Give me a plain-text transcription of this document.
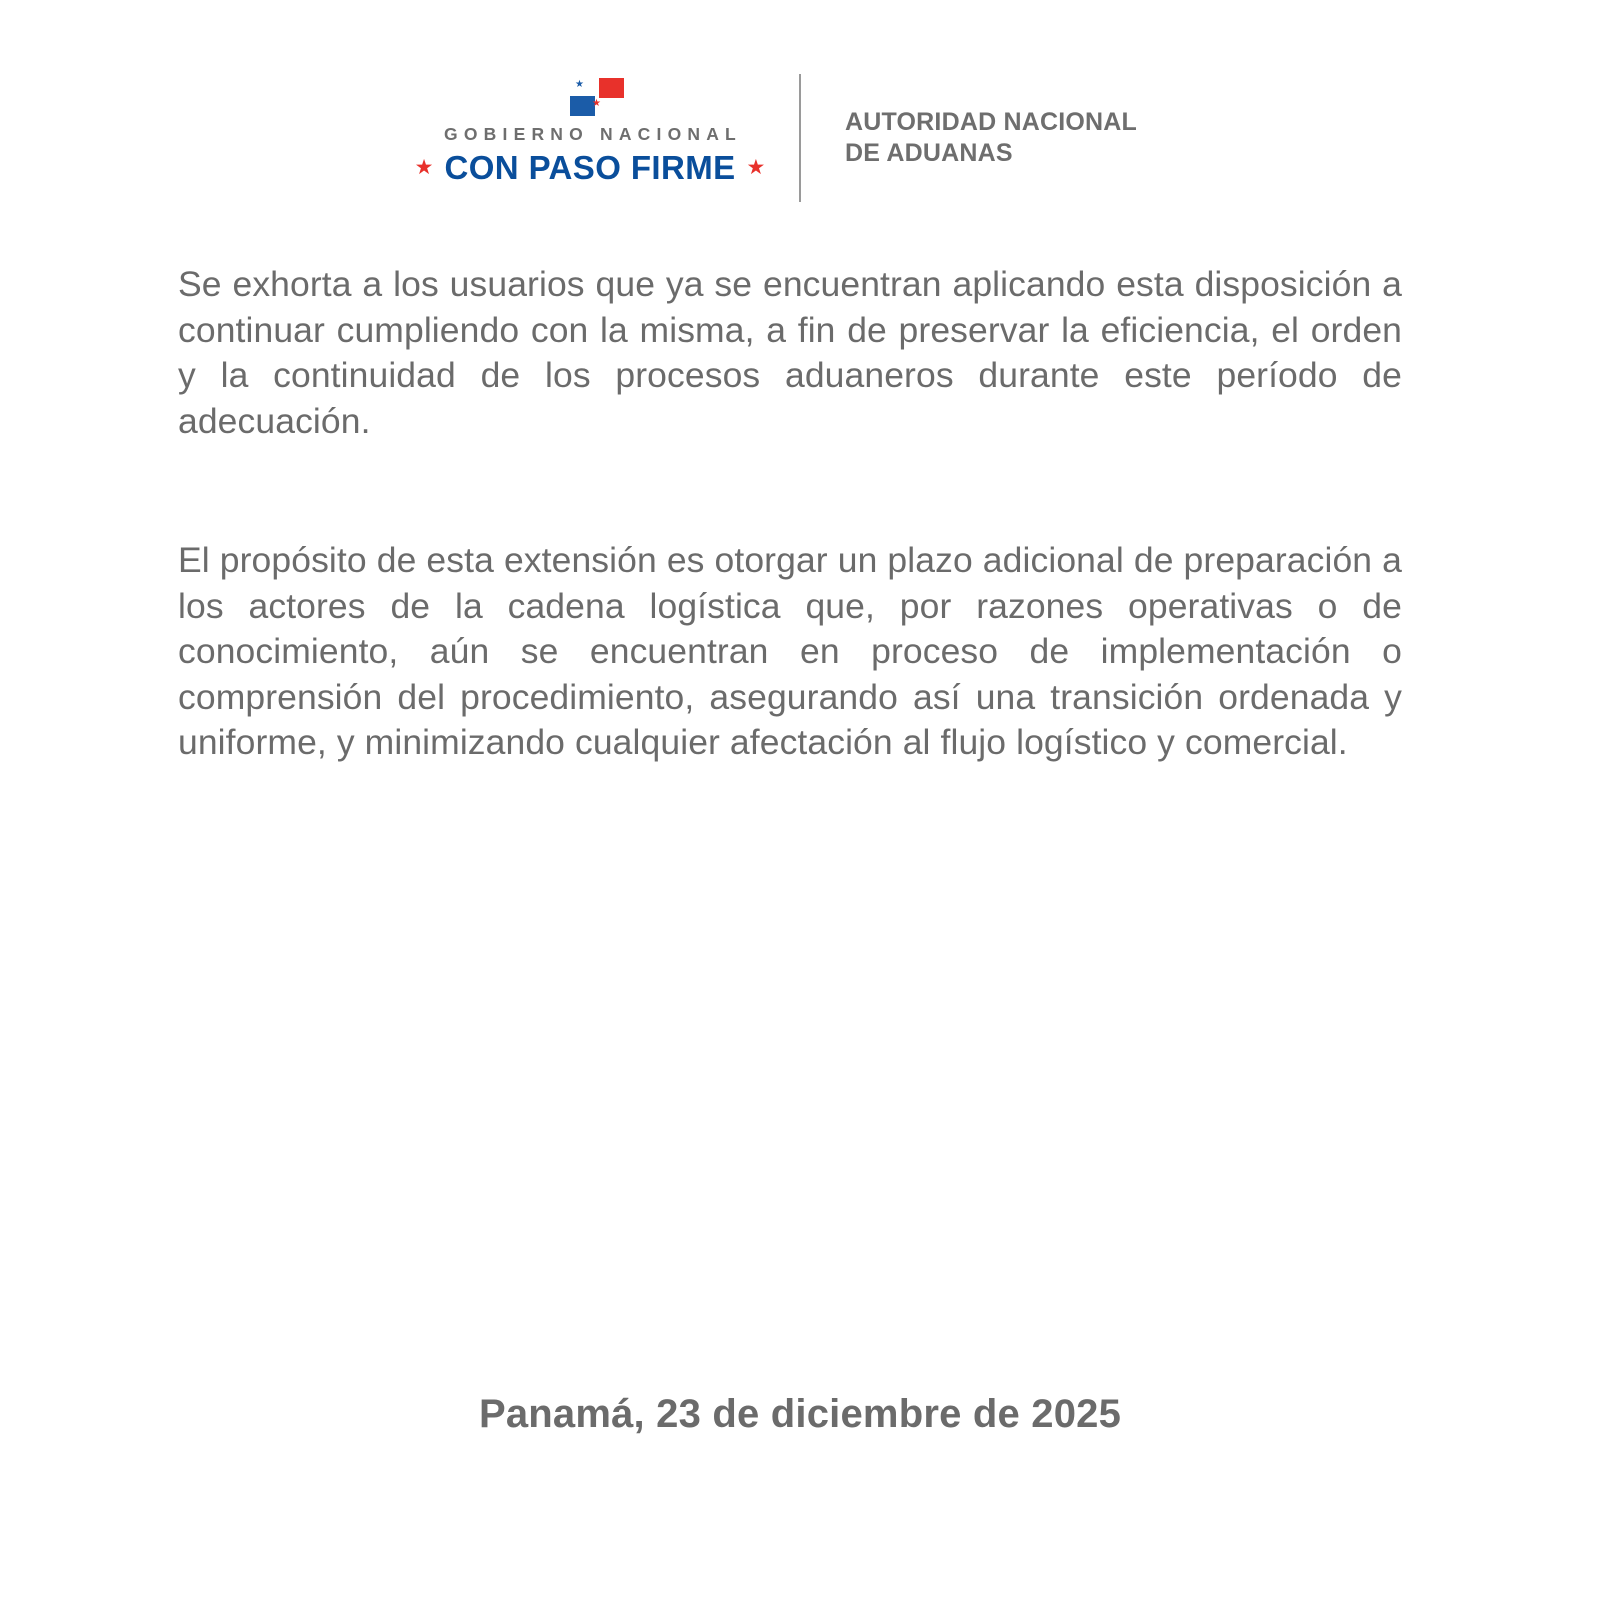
★
★
GOBIERNO NACIONAL
★ CON PASO FIRME ★
AUTORIDAD NACIONAL
DE ADUANAS

Se exhorta a los usuarios que ya se encuentran aplicando esta disposición a continuar cumpliendo con la misma, a fin de preservar la eficiencia, el orden y la continuidad de los procesos aduaneros durante este período de adecuación.

El propósito de esta extensión es otorgar un plazo adicional de preparación a los actores de la cadena logística que, por razones operativas o de conocimiento, aún se encuentran en proceso de implementación o comprensión del procedimiento, asegurando así una transición ordenada y uniforme, y minimizando cualquier afectación al flujo logístico y comercial.

Panamá, 23 de diciembre de 2025
